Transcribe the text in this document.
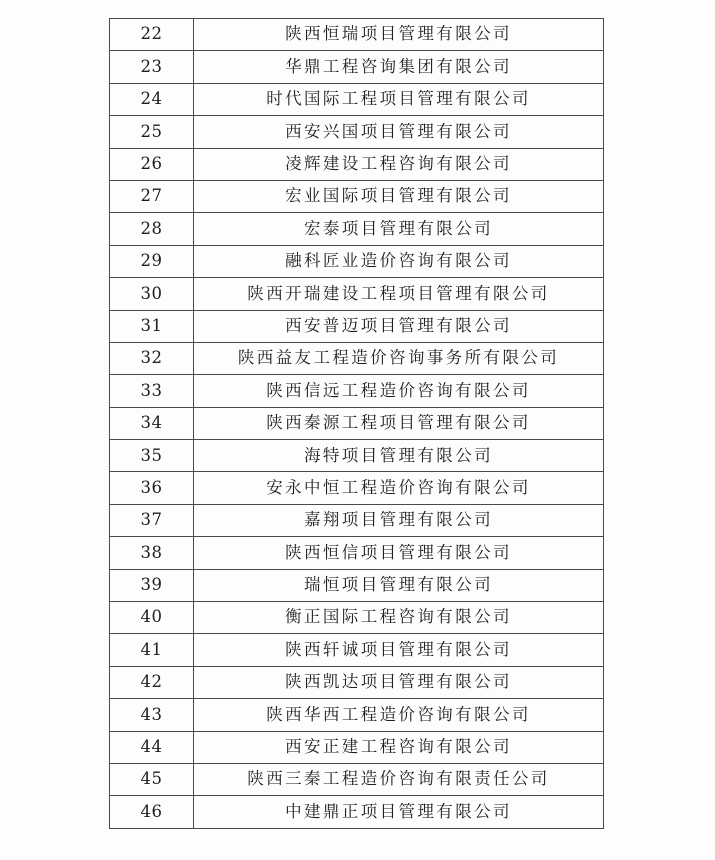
22	陕西恒瑞项目管理有限公司
23	华鼎工程咨询集团有限公司
24	时代国际工程项目管理有限公司
25	西安兴国项目管理有限公司
26	凌辉建设工程咨询有限公司
27	宏业国际项目管理有限公司
28	宏泰项目管理有限公司
29	融科匠业造价咨询有限公司
30	陕西开瑞建设工程项目管理有限公司
31	西安普迈项目管理有限公司
32	陕西益友工程造价咨询事务所有限公司
33	陕西信远工程造价咨询有限公司
34	陕西秦源工程项目管理有限公司
35	海特项目管理有限公司
36	安永中恒工程造价咨询有限公司
37	嘉翔项目管理有限公司
38	陕西恒信项目管理有限公司
39	瑞恒项目管理有限公司
40	衡正国际工程咨询有限公司
41	陕西轩诚项目管理有限公司
42	陕西凯达项目管理有限公司
43	陕西华西工程造价咨询有限公司
44	西安正建工程咨询有限公司
45	陕西三秦工程造价咨询有限责任公司
46	中建鼎正项目管理有限公司
